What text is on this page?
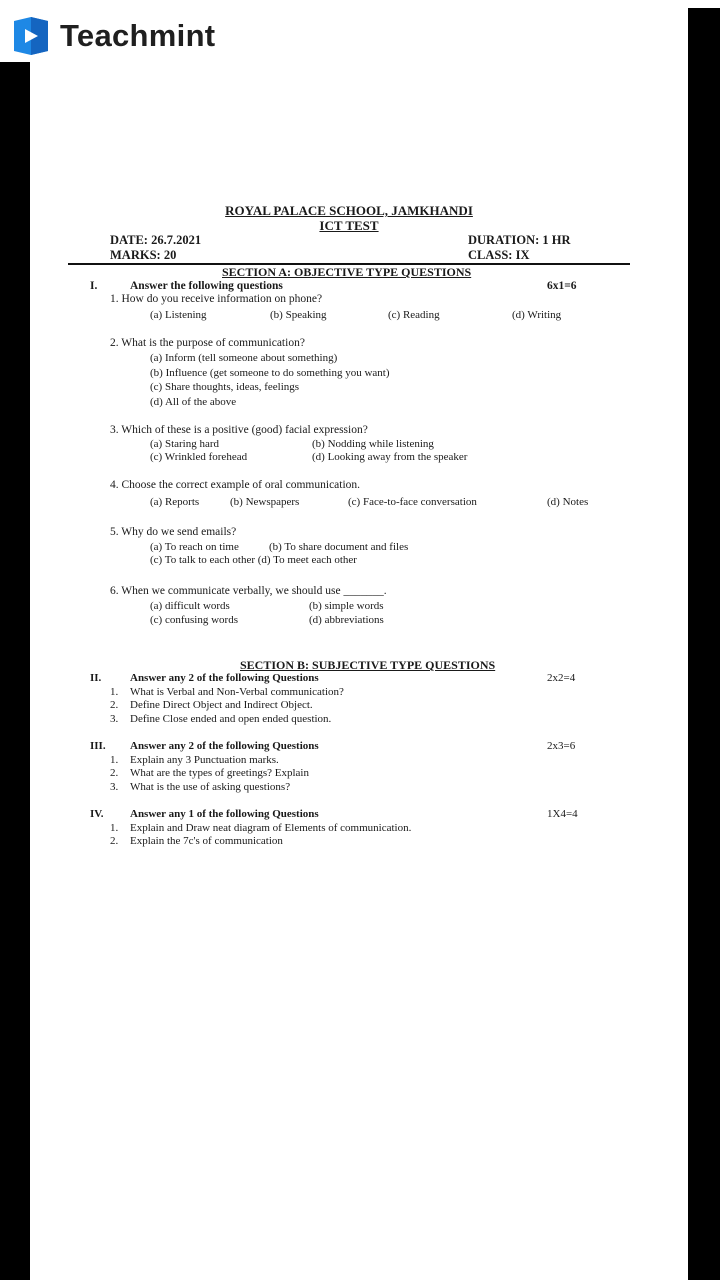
Teachmint
ROYAL PALACE SCHOOL, JAMKHANDI
ICT TEST
DATE: 26.7.2021	DURATION: 1 HR
MARKS: 20	CLASS: IX
SECTION A: OBJECTIVE TYPE QUESTIONS
I.	Answer the following questions	6x1=6
1. How do you receive information on phone?
(a) Listening	(b) Speaking	(c) Reading	(d) Writing
2. What is the purpose of communication?
(a) Inform (tell someone about something)
(b) Influence (get someone to do something you want)
(c) Share thoughts, ideas, feelings
(d) All of the above
3. Which of these is a positive (good) facial expression?
(a) Staring hard	(b) Nodding while listening
(c) Wrinkled forehead	(d) Looking away from the speaker
4. Choose the correct example of oral communication.
(a) Reports	(b) Newspapers	(c) Face-to-face conversation	(d) Notes
5. Why do we send emails?
(a) To reach on time	(b) To share document and files
(c) To talk to each other (d) To meet each other
6. When we communicate verbally, we should use _______.
(a) difficult words	(b) simple words
(c) confusing words	(d) abbreviations
SECTION B: SUBJECTIVE TYPE QUESTIONS
II.	Answer any 2 of the following Questions	2x2=4
1. What is Verbal and Non-Verbal communication?
2. Define Direct Object and Indirect Object.
3. Define Close ended and open ended question.
III. Answer any 2 of the following Questions	2x3=6
1. Explain any 3 Punctuation marks.
2. What are the types of greetings? Explain
3. What is the use of asking questions?
IV. Answer any 1 of the following Questions	1X4=4
1. Explain and Draw neat diagram of Elements of communication.
2. Explain the 7c's of communication
